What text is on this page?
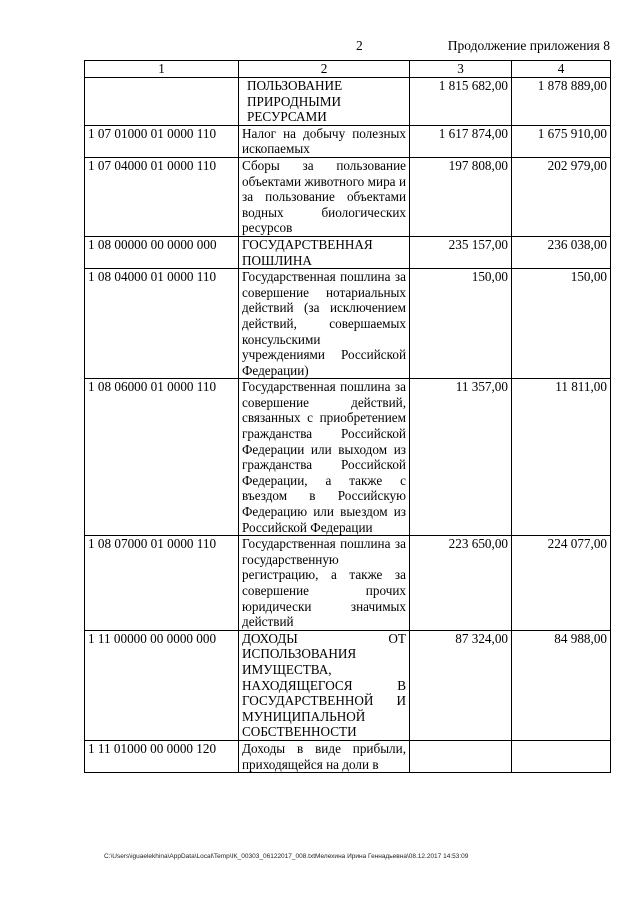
2	Продолжение приложения 8
1	2	3	4
	ПОЛЬЗОВАНИЕ ПРИРОДНЫМИ РЕСУРСАМИ	1 815 682,00	1 878 889,00
1 07 01000 01 0000 110	Налог на добычу полезных ископаемых	1 617 874,00	1 675 910,00
1 07 04000 01 0000 110	Сборы за пользование объектами животного мира и за пользование объектами водных биологических ресурсов	197 808,00	202 979,00
1 08 00000 00 0000 000	ГОСУДАРСТВЕННАЯ ПОШЛИНА	235 157,00	236 038,00
1 08 04000 01 0000 110	Государственная пошлина за совершение нотариальных действий (за исключением действий, совершаемых консульскими учреждениями Российской Федерации)	150,00	150,00
1 08 06000 01 0000 110	Государственная пошлина за совершение действий, связанных с приобретением гражданства Российской Федерации или выходом из гражданства Российской Федерации, а также с въездом в Российскую Федерацию или выездом из Российской Федерации	11 357,00	11 811,00
1 08 07000 01 0000 110	Государственная пошлина за государственную регистрацию, а также за совершение прочих юридически значимых действий	223 650,00	224 077,00
1 11 00000 00 0000 000	ДОХОДЫ ОТ ИСПОЛЬЗОВАНИЯ ИМУЩЕСТВА, НАХОДЯЩЕГОСЯ В ГОСУДАРСТВЕННОЙ И МУНИЦИПАЛЬНОЙ СОБСТВЕННОСТИ	87 324,00	84 988,00
1 11 01000 00 0000 120	Доходы в виде прибыли, приходящейся на доли в		
C:\Users\iguaelekhina\AppData\Local\Temp\IK_00303_06122017_008.txtМелехина Ирина Геннадьевна\08.12.2017 14:53:09
